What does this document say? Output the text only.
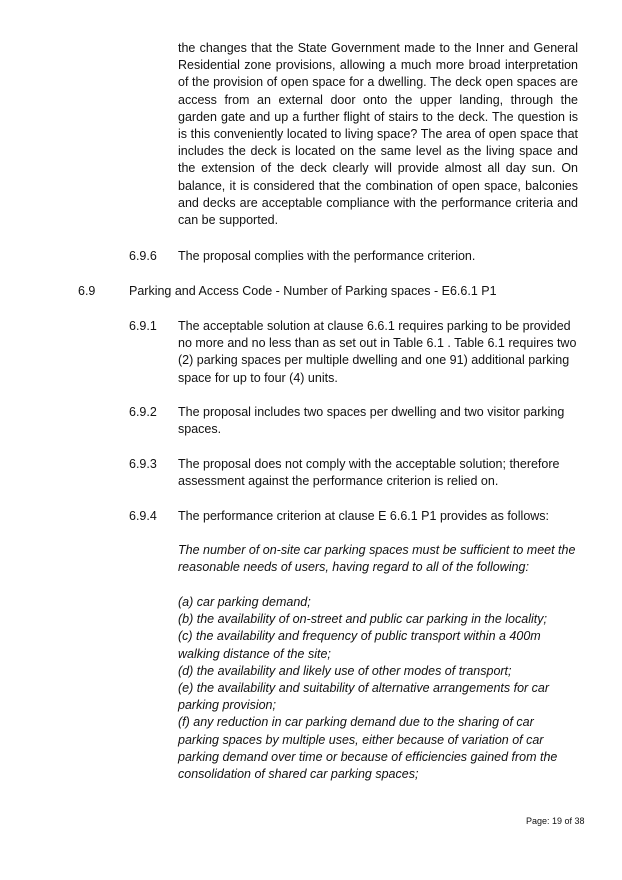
the changes that the State Government made to the Inner and General Residential zone provisions, allowing a much more broad interpretation of the provision of open space for a dwelling. The deck open spaces are access from an external door onto the upper landing, through the garden gate and up a further flight of stairs to the deck. The question is is this conveniently located to living space? The area of open space that includes the deck is located on the same level as the living space and the extension of the deck clearly will provide almost all day sun. On balance, it is considered that the combination of open space, balconies and decks are acceptable compliance with the performance criteria and can be supported.

6.9.6 The proposal complies with the performance criterion.

6.9	Parking and Access Code - Number of Parking spaces - E6.6.1 P1

6.9.1 The acceptable solution at clause 6.6.1 requires parking to be provided no more and no less than as set out in Table 6.1 . Table 6.1 requires two (2) parking spaces per multiple dwelling and one 91) additional parking space for up to four (4) units.

6.9.2 The proposal includes two spaces per dwelling and two visitor parking spaces.

6.9.3 The proposal does not comply with the acceptable solution; therefore assessment against the performance criterion is relied on.

6.9.4 The performance criterion at clause E 6.6.1 P1 provides as follows:

The number of on-site car parking spaces must be sufficient to meet the reasonable needs of users, having regard to all of the following:

(a) car parking demand;

(b) the availability of on-street and public car parking in the locality;

(c) the availability and frequency of public transport within a 400m walking distance of the site;

(d) the availability and likely use of other modes of transport;

(e) the availability and suitability of alternative arrangements for car parking provision;

(f) any reduction in car parking demand due to the sharing of car parking spaces by multiple uses, either because of variation of car parking demand over time or because of efficiencies gained from the consolidation of shared car parking spaces;

Page: 19 of 38
